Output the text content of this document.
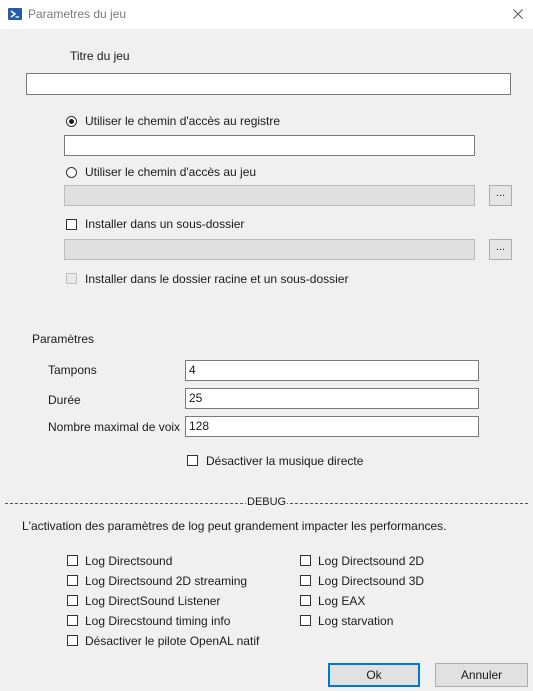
Parametres du jeu
Titre du jeu
Utiliser le chemin d'accès au registre
Utiliser le chemin d'accès au jeu
...
Installer dans un sous-dossier
...
Installer dans le dossier racine et un sous-dossier
Paramètres
Tampons	4
Durée	25
Nombre maximal de voix 128
Désactiver la musique directe
DEBUG
L'activation des paramètres de log peut grandement impacter les performances.
Log Directsound
Log Directsound 2D streaming
Log DirectSound Listener
Log Direcstound timing info
Désactiver le pilote OpenAL natif
Log Directsound 2D
Log Directsound 3D
Log EAX
Log starvation
Ok	Annuler
